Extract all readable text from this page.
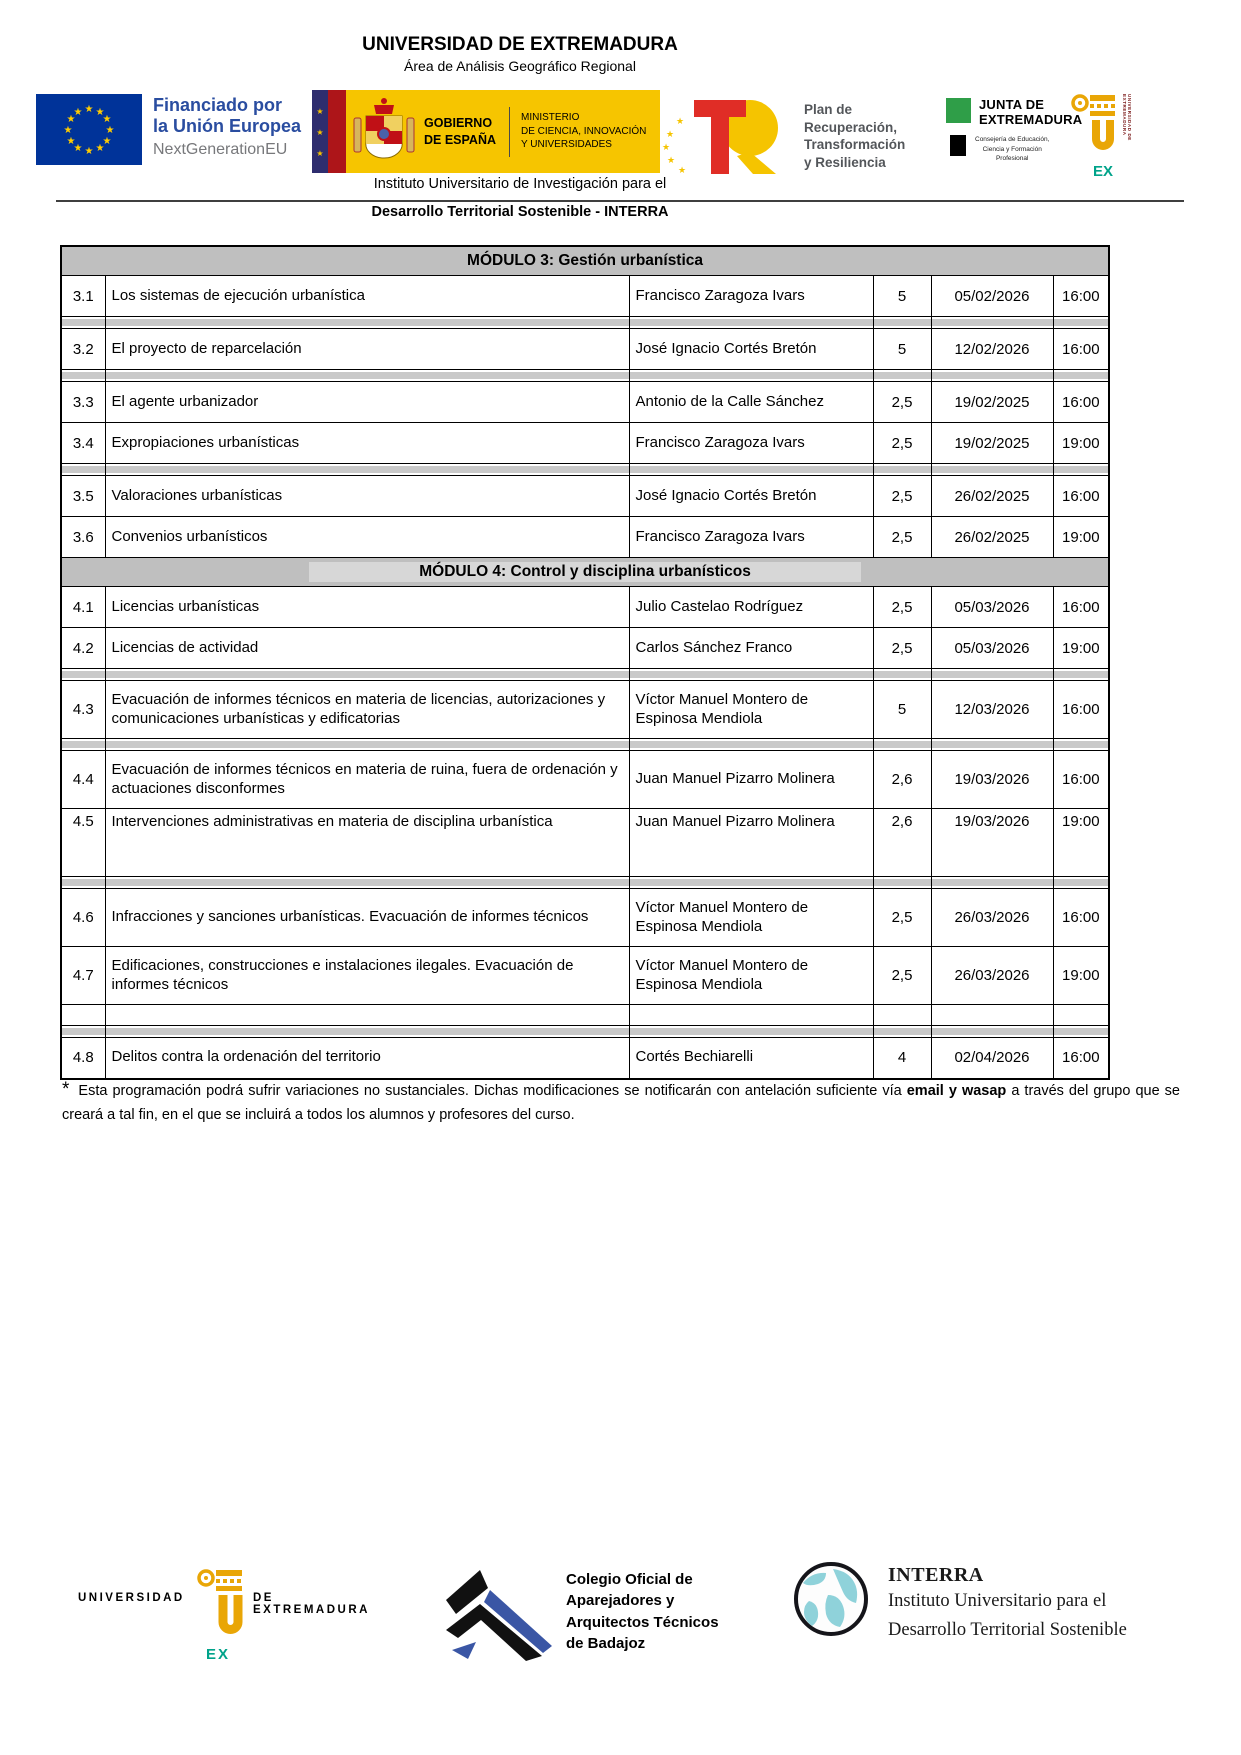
UNIVERSIDAD DE EXTREMADURA
Área de Análisis Geográfico Regional
★ ★
★
★
★
★
★
★
★
★
★
★	Financiado por
la Unión Europea
NextGenerationEU
★
★
★
GOBIERNO
DE ESPAÑA
MINISTERIO
DE CIENCIA, INNOVACIÓN
Y UNIVERSIDADES
★
★
★
★
★
Plan de
Recuperación,
Transformación
y Resiliencia
JUNTA DE
EXTREMADURA
Consejería de Educación,
Ciencia y Formación
Profesional
EX
UNIVERSIDAD DE EXTREMADURA
Instituto Universitario de Investigación para el
Desarrollo Territorial Sostenible - INTERRA
MÓDULO 3: Gestión urbanística					
3.1	Los sistemas de ejecución urbanística	Francisco Zaragoza Ivars	5	05/02/2026	16:00

3.2	El proyecto de reparcelación	José Ignacio Cortés Bretón	5	12/02/2026	16:00

3.3	El agente urbanizador	Antonio de la Calle Sánchez	2,5	19/02/2025	16:00
3.4	Expropiaciones urbanísticas	Francisco Zaragoza Ivars	2,5	19/02/2025	19:00

3.5	Valoraciones urbanísticas	José Ignacio Cortés Bretón	2,5	26/02/2025	16:00
3.6	Convenios urbanísticos	Francisco Zaragoza Ivars	2,5	26/02/2025	19:00
MÓDULO 4: Control y disciplina urbanísticos					
4.1	Licencias urbanísticas	Julio Castelao Rodríguez	2,5	05/03/2026	16:00
4.2	Licencias de actividad	Carlos Sánchez Franco	2,5	05/03/2026	19:00

4.3	Evacuación de informes técnicos en materia de licencias, autorizaciones y comunicaciones urbanísticas y edificatorias	Víctor Manuel Montero de Espinosa Mendiola	5	12/03/2026	16:00

4.4	Evacuación de informes técnicos en materia de ruina, fuera de ordenación y actuaciones disconformes	Juan Manuel Pizarro Molinera	2,6	19/03/2026	16:00
4.5	Intervenciones administrativas en materia de disciplina urbanística	Juan Manuel Pizarro Molinera	2,6	19/03/2026	19:00

4.6	Infracciones y sanciones urbanísticas. Evacuación de informes técnicos	Víctor Manuel Montero de Espinosa Mendiola	2,5	26/03/2026	16:00
4.7	Edificaciones, construcciones e instalaciones ilegales. Evacuación de informes técnicos	Víctor Manuel Montero de Espinosa Mendiola	2,5	26/03/2026	19:00

4.8	Delitos contra la ordenación del territorio	Cortés Bechiarelli	4	02/04/2026	16:00

* Esta programación podrá sufrir variaciones no sustanciales. Dichas modificaciones se notificarán con antelación suficiente vía email y wasap a través del grupo que se creará a tal fin, en el que se incluirá a todos los alumnos y profesores del curso.

UNIVERSIDAD	DE EXTREMADURA
EX
Colegio Oficial de
Aparejadores y
Arquitectos Técnicos
de Badajoz
INTERRA
Instituto Universitario para el
Desarrollo Territorial Sostenible
